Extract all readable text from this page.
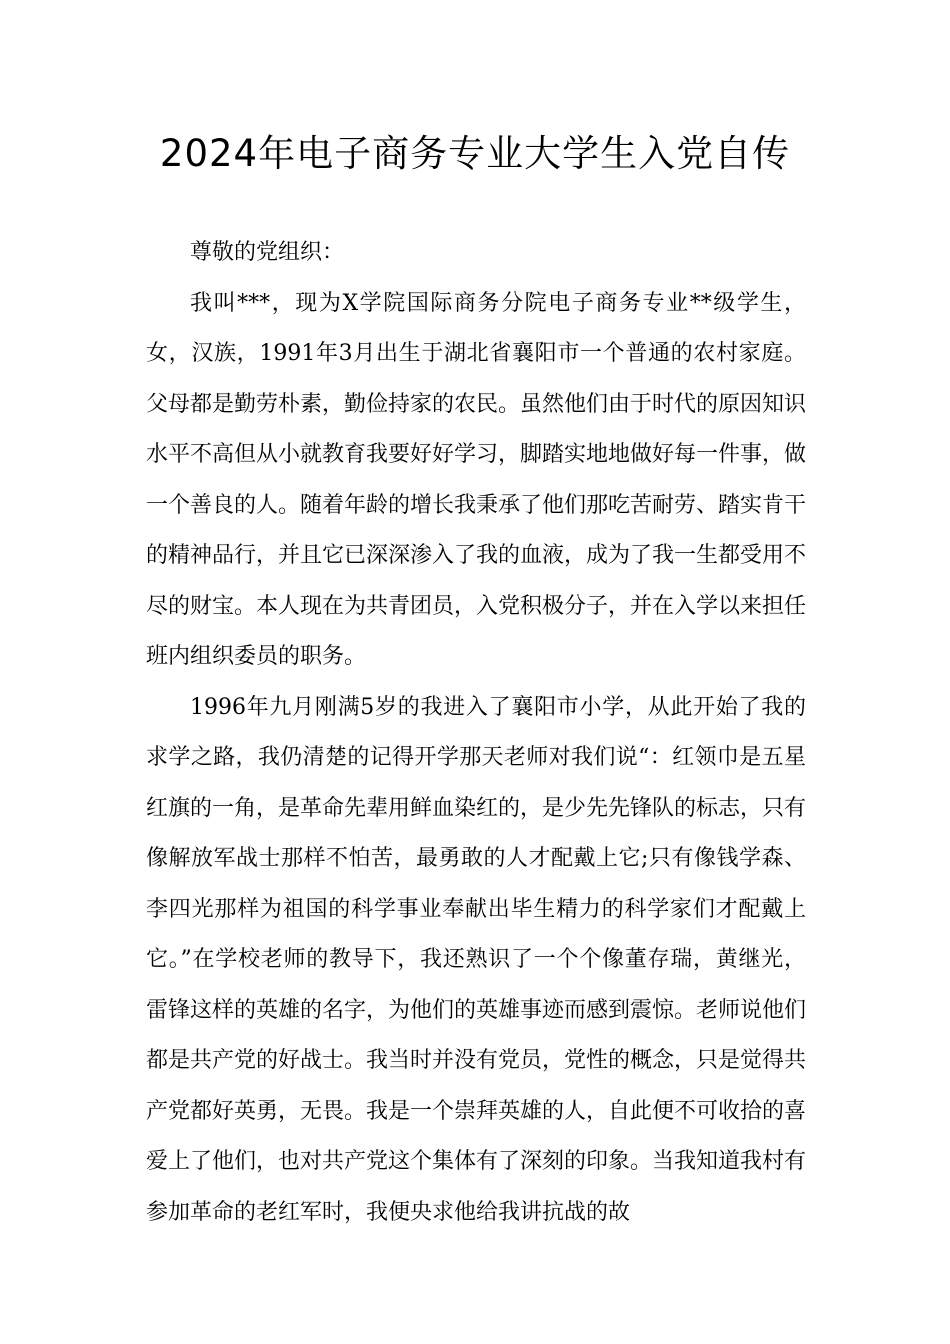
2024年电子商务专业大学生入党自传

尊敬的党组织：

我叫***，现为X学院国际商务分院电子商务专业**级学生，女，汉族，1991年3月出生于湖北省襄阳市一个普通的农村家庭。父母都是勤劳朴素，勤俭持家的农民。虽然他们由于时代的原因知识水平不高但从小就教育我要好好学习，脚踏实地地做好每一件事，做一个善良的人。随着年龄的增长我秉承了他们那吃苦耐劳、踏实肯干的精神品行，并且它已深深渗入了我的血液，成为了我一生都受用不尽的财宝。本人现在为共青团员，入党积极分子，并在入学以来担任班内组织委员的职务。

1996年九月刚满5岁的我进入了襄阳市小学，从此开始了我的求学之路，我仍清楚的记得开学那天老师对我们说“：红领巾是五星红旗的一角，是革命先辈用鲜血染红的，是少先先锋队的标志，只有像解放军战士那样不怕苦，最勇敢的人才配戴上它;只有像钱学森、李四光那样为祖国的科学事业奉献出毕生精力的科学家们才配戴上它。”在学校老师的教导下，我还熟识了一个个像董存瑞，黄继光，雷锋这样的英雄的名字，为他们的英雄事迹而感到震惊。老师说他们都是共产党的好战士。我当时并没有党员，党性的概念，只是觉得共产党都好英勇，无畏。我是一个崇拜英雄的人，自此便不可收拾的喜爱上了他们，也对共产党这个集体有了深刻的印象。当我知道我村有参加革命的老红军时，我便央求他给我讲抗战的故
